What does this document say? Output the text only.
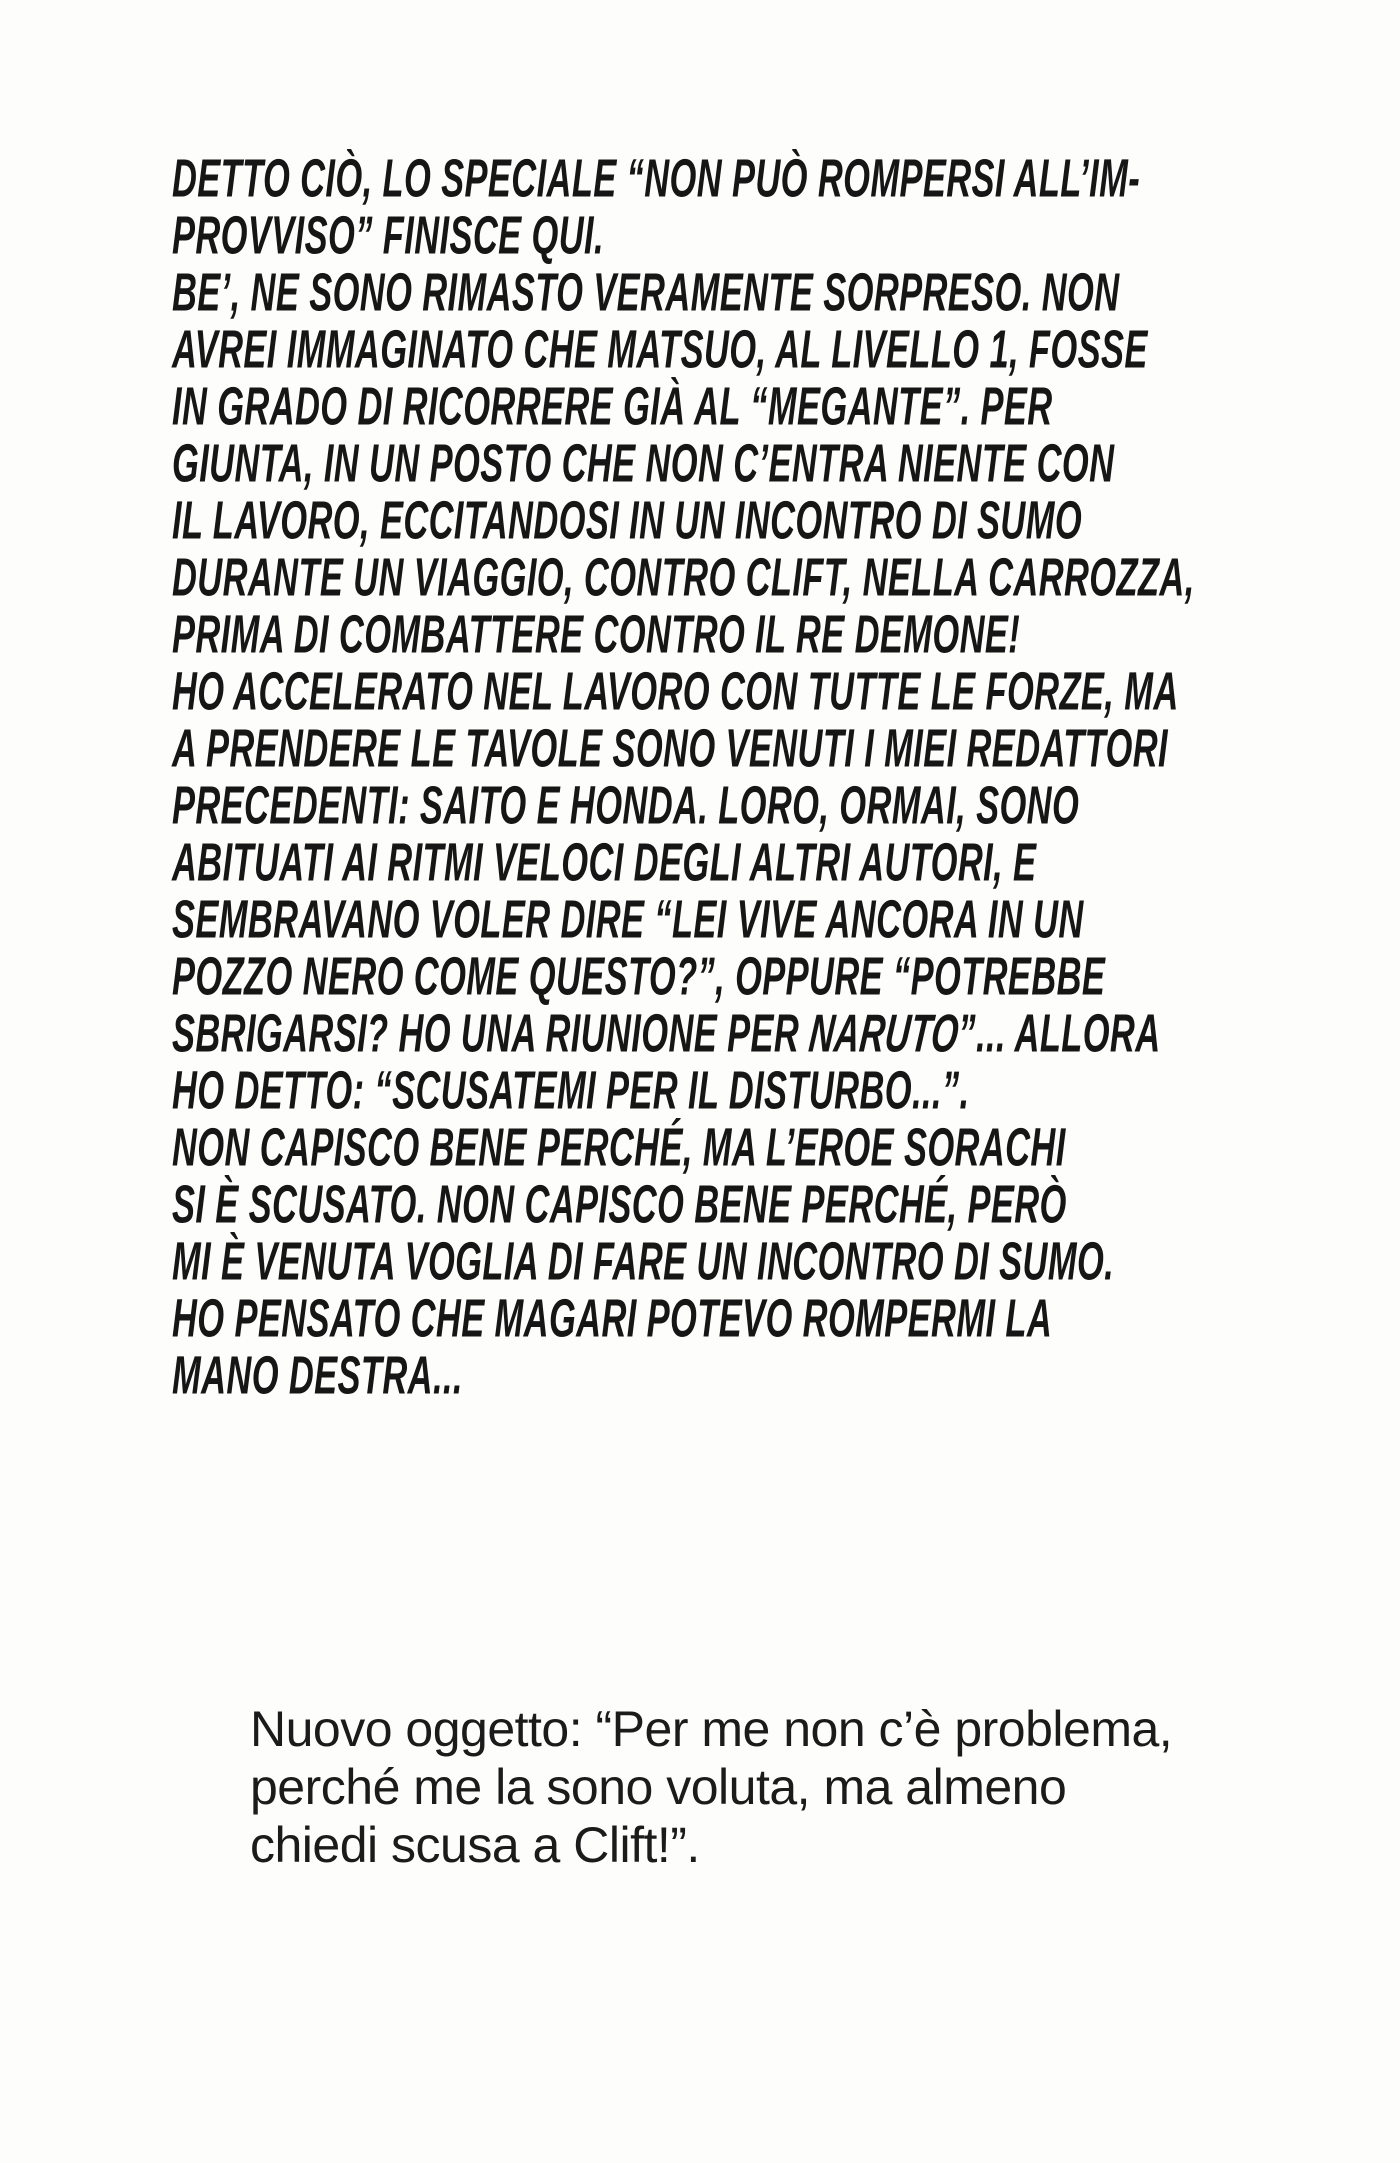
DETTO CIÒ, LO SPECIALE “NON PUÒ ROMPERSI ALL’IM-
PROVVISO” FINISCE QUI.
BE’, NE SONO RIMASTO VERAMENTE SORPRESO. NON
AVREI IMMAGINATO CHE MATSUO, AL LIVELLO 1, FOSSE
IN GRADO DI RICORRERE GIÀ AL “MEGANTE”. PER
GIUNTA, IN UN POSTO CHE NON C’ENTRA NIENTE CON
IL LAVORO, ECCITANDOSI IN UN INCONTRO DI SUMO
DURANTE UN VIAGGIO, CONTRO CLIFT, NELLA CARROZZA,
PRIMA DI COMBATTERE CONTRO IL RE DEMONE!
HO ACCELERATO NEL LAVORO CON TUTTE LE FORZE, MA
A PRENDERE LE TAVOLE SONO VENUTI I MIEI REDATTORI
PRECEDENTI: SAITO E HONDA. LORO, ORMAI, SONO
ABITUATI AI RITMI VELOCI DEGLI ALTRI AUTORI, E
SEMBRAVANO VOLER DIRE “LEI VIVE ANCORA IN UN
POZZO NERO COME QUESTO?”, OPPURE “POTREBBE
SBRIGARSI? HO UNA RIUNIONE PER NARUTO”... ALLORA
HO DETTO: “SCUSATEMI PER IL DISTURBO...”.
NON CAPISCO BENE PERCHÉ, MA L’EROE SORACHI
SI È SCUSATO. NON CAPISCO BENE PERCHÉ, PERÒ
MI È VENUTA VOGLIA DI FARE UN INCONTRO DI SUMO.
HO PENSATO CHE MAGARI POTEVO ROMPERMI LA
MANO DESTRA...
Nuovo oggetto: “Per me non c’è problema,
perché me la sono voluta, ma almeno
chiedi scusa a Clift!”.
